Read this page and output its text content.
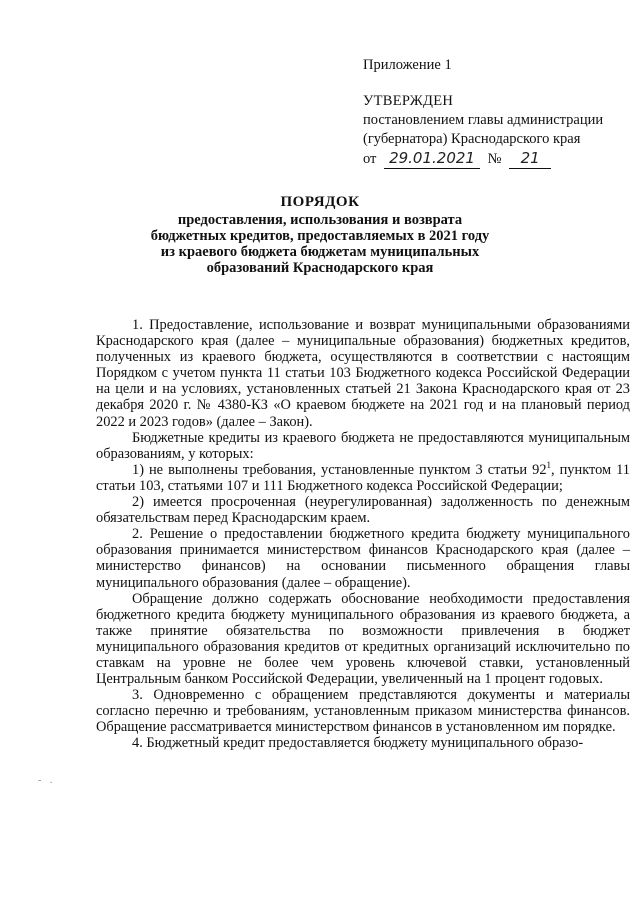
Приложение 1
УТВЕРЖДЕН
постановлением главы администрации
(губернатора) Краснодарского края
от 29.01.2021 № 21
ПОРЯДОК
предоставления, использования и возврата
бюджетных кредитов, предоставляемых в 2021 году
из краевого бюджета бюджетам муниципальных
образований Краснодарского края

1. Предоставление, использование и возврат муниципальными образованиями Краснодарского края (далее – муниципальные образования) бюджетных кредитов, полученных из краевого бюджета, осуществляются в соответствии с настоящим Порядком с учетом пункта 11 статьи 103 Бюджетного кодекса Российской Федерации на цели и на условиях, установленных статьей 21 Закона Краснодарского края от 23 декабря 2020 г. № 4380-КЗ «О краевом бюджете на 2021 год и на плановый период 2022 и 2023 годов» (далее – Закон).

Бюджетные кредиты из краевого бюджета не предоставляются муниципальным образованиям, у которых:

1) не выполнены требования, установленные пунктом 3 статьи $92^1$, пунктом 11 статьи 103, статьями 107 и 111 Бюджетного кодекса Российской Федерации;

2) имеется просроченная (неурегулированная) задолженность по денежным обязательствам перед Краснодарским краем.

2. Решение о предоставлении бюджетного кредита бюджету муниципального образования принимается министерством финансов Краснодарского края (далее – министерство финансов) на основании письменного обращения главы муниципального образования (далее – обращение).

Обращение должно содержать обоснование необходимости предоставления бюджетного кредита бюджету муниципального образования из краевого бюджета, а также принятие обязательства по возможности привлечения в бюджет муниципального образования кредитов от кредитных организаций исключительно по ставкам на уровне не более чем уровень ключевой ставки, установленный Центральным банком Российской Федерации, увеличенный на 1 процент годовых.

3. Одновременно с обращением представляются документы и материалы согласно перечню и требованиям, установленным приказом министерства финансов. Обращение рассматривается министерством финансов в установленном им порядке.

4. Бюджетный кредит предоставляется бюджету муниципального образо-

- .
